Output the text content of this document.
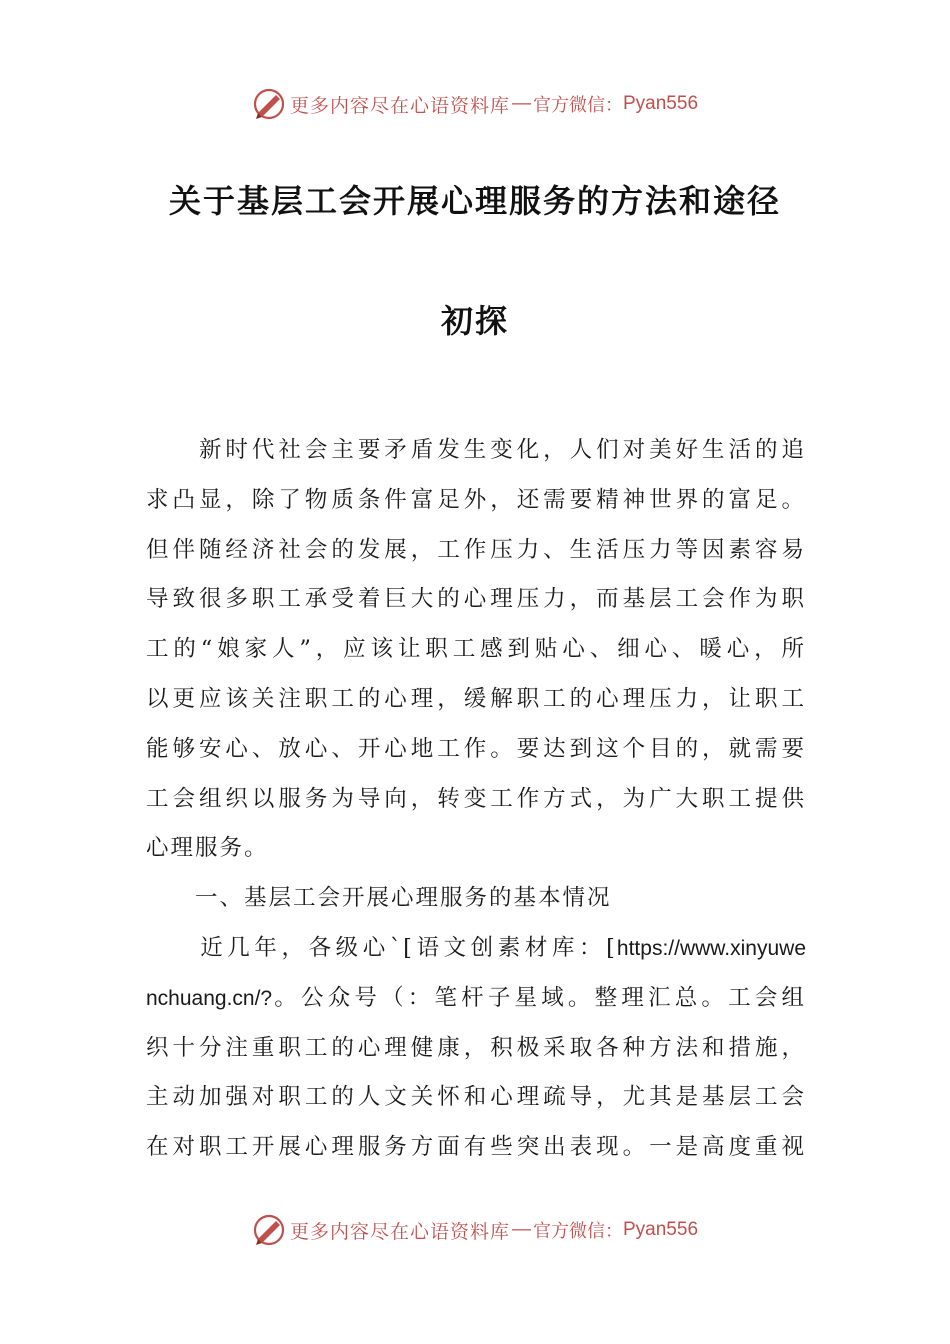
更多内容尽在心语资料库 — 官方微信： Pyan556
关于基层工会开展心理服务的方法和途径
初探
　　新时代社会主要矛盾发生变化，人们对美好生活的追
求凸显，除了物质条件富足外，还需要精神世界的富足。
但伴随经济社会的发展，工作压力、生活压力等因素容易
导致很多职工承受着巨大的心理压力，而基层工会作为职
工的“娘家人”，应该让职工感到贴心、细心、暖心，所
以更应该关注职工的心理，缓解职工的心理压力，让职工
能够安心、放心、开心地工作。要达到这个目的，就需要
工会组织以服务为导向，转变工作方式，为广大职工提供
心理服务。
　　一、基层工会开展心理服务的基本情况
　　近几年，各级心`[语文创素材库：[https://www.xinyuwe
nchuang.cn/?。公众号（：笔杆子星域。整理汇总。工会组
织十分注重职工的心理健康，积极采取各种方法和措施，
主动加强对职工的人文关怀和心理疏导，尤其是基层工会
在对职工开展心理服务方面有些突出表现。一是高度重视
更多内容尽在心语资料库 — 官方微信： Pyan556
